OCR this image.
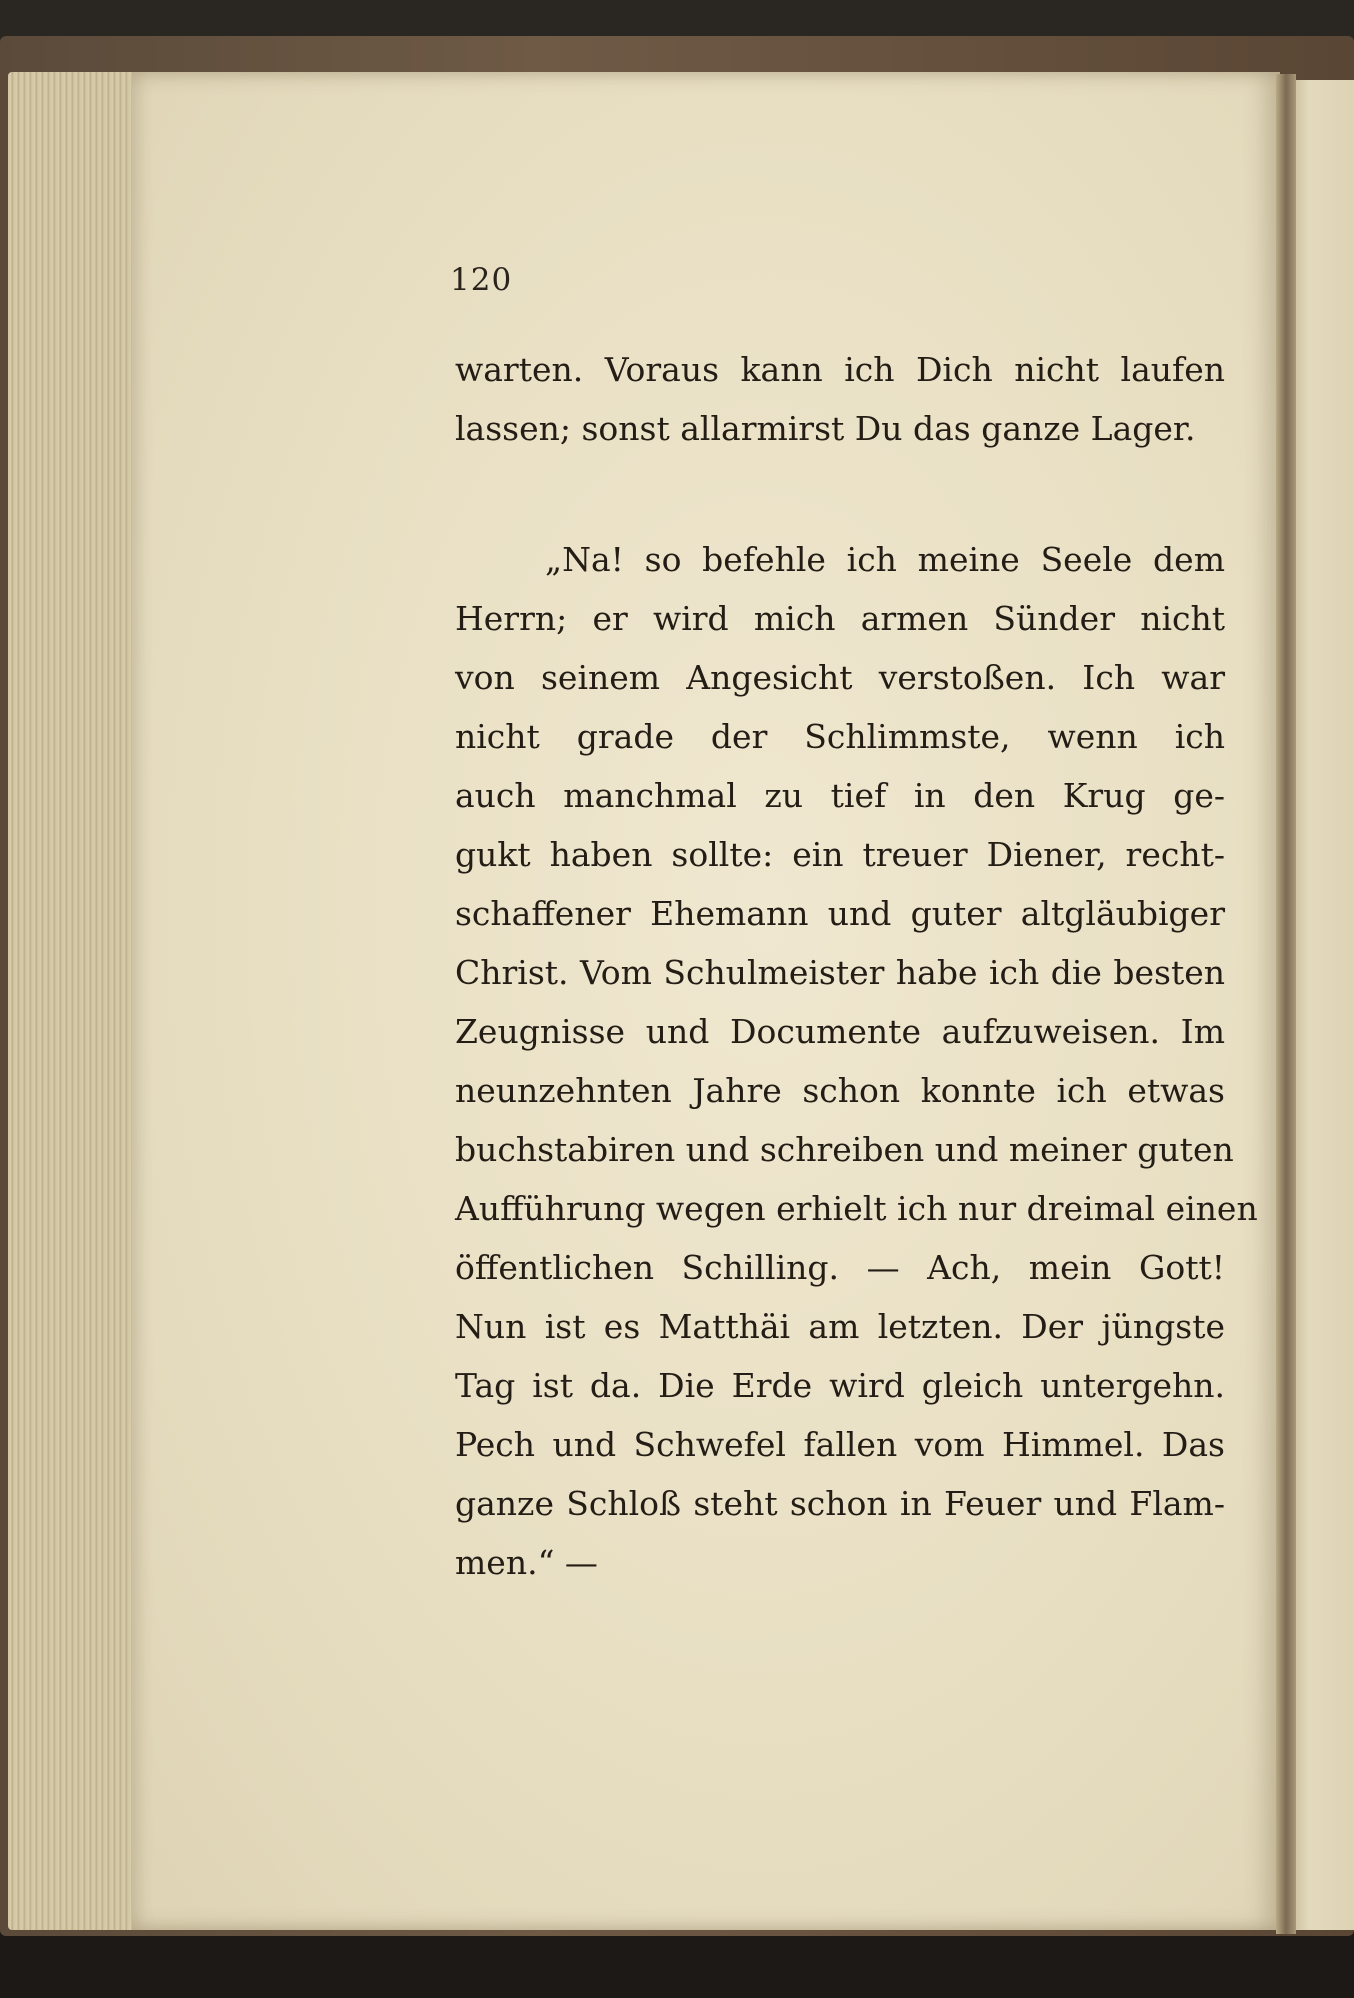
120
warten. Voraus kann ich Dich nicht laufen
lassen; sonst allarmirst Du das ganze Lager.
„Na! so befehle ich meine Seele dem
Herrn; er wird mich armen Sünder nicht
von seinem Angesicht verstoßen. Ich war
nicht grade der Schlimmste, wenn ich
auch manchmal zu tief in den Krug ge-
gukt haben sollte: ein treuer Diener, recht-
schaffener Ehemann und guter altgläubiger
Christ. Vom Schulmeister habe ich die besten
Zeugnisse und Documente aufzuweisen. Im
neunzehnten Jahre schon konnte ich etwas
buchstabiren und schreiben und meiner guten
Aufführung wegen erhielt ich nur dreimal einen
öffentlichen Schilling. — Ach, mein Gott!
Nun ist es Matthäi am letzten. Der jüngste
Tag ist da. Die Erde wird gleich untergehn.
Pech und Schwefel fallen vom Himmel. Das
ganze Schloß steht schon in Feuer und Flam-
men.“ —
